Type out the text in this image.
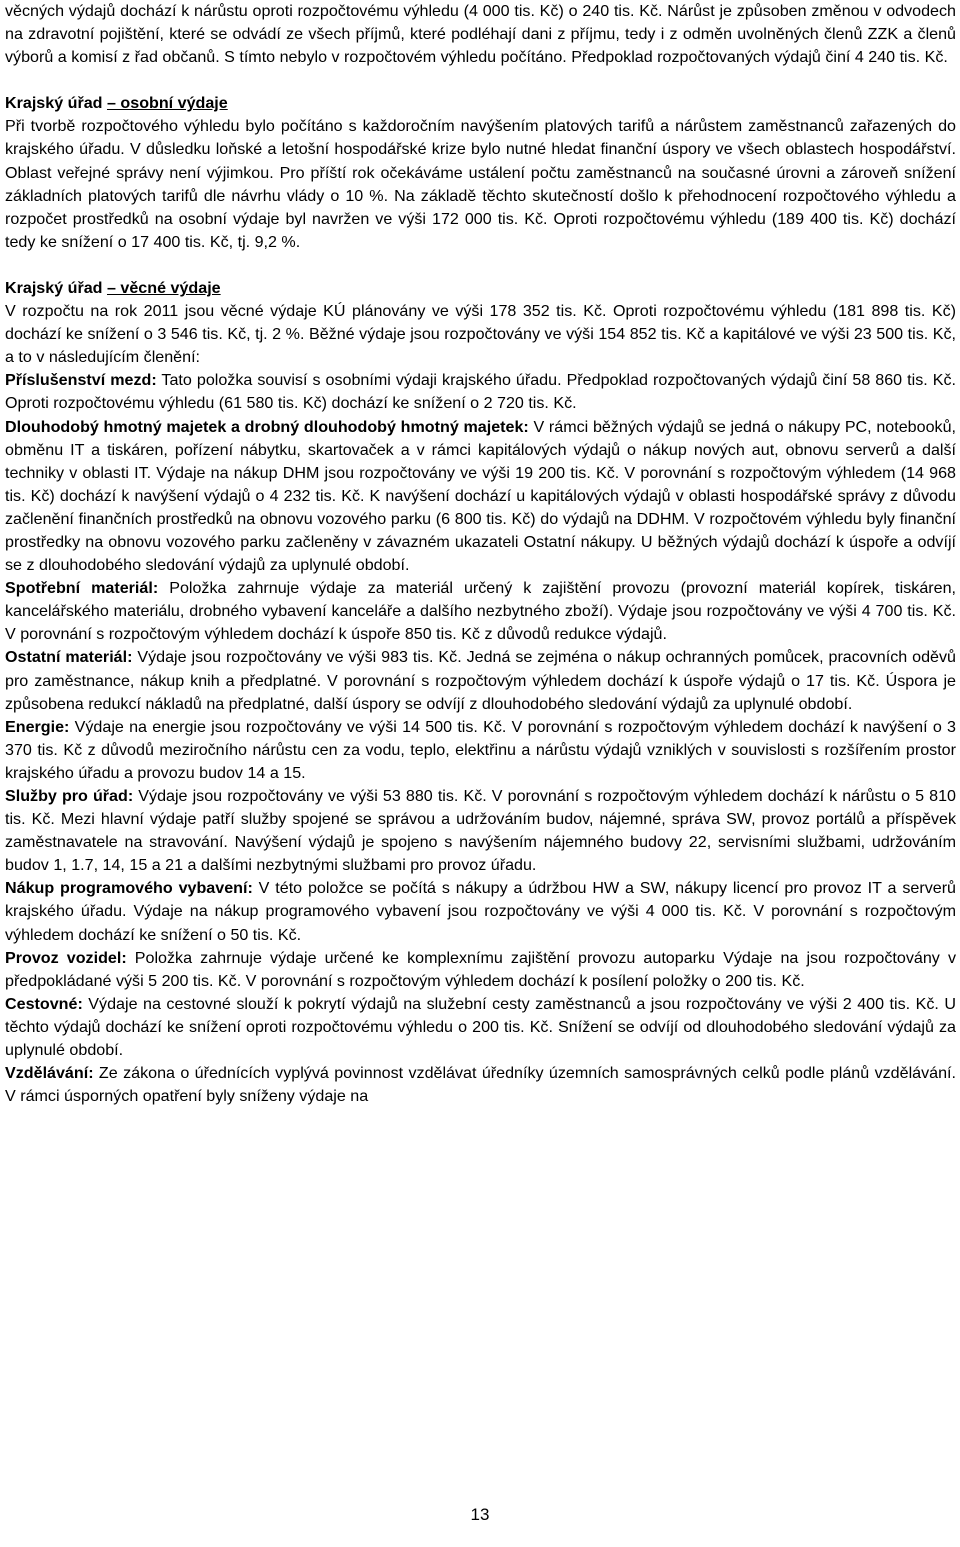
věcných výdajů dochází k nárůstu oproti rozpočtovému výhledu (4 000 tis. Kč) o 240 tis. Kč. Nárůst je způsoben změnou v odvodech na zdravotní pojištění, které se odvádí ze všech příjmů, které podléhají dani z příjmu, tedy i z odměn uvolněných členů ZZK a členů výborů a komisí z řad občanů. S tímto nebylo v rozpočtovém výhledu počítáno. Předpoklad rozpočtovaných výdajů činí 4 240 tis. Kč.

Krajský úřad – osobní výdaje

Při tvorbě rozpočtového výhledu bylo počítáno s každoročním navýšením platových tarifů a nárůstem zaměstnanců zařazených do krajského úřadu. V důsledku loňské a letošní hospodářské krize bylo nutné hledat finanční úspory ve všech oblastech hospodářství. Oblast veřejné správy není výjimkou. Pro příští rok očekáváme ustálení počtu zaměstnanců na současné úrovni a zároveň snížení základních platových tarifů dle návrhu vlády o 10 %. Na základě těchto skutečností došlo k přehodnocení rozpočtového výhledu a rozpočet prostředků na osobní výdaje byl navržen ve výši 172 000 tis. Kč. Oproti rozpočtovému výhledu (189 400 tis. Kč) dochází tedy ke snížení o 17 400 tis. Kč, tj. 9,2 %.

Krajský úřad – věcné výdaje

V rozpočtu na rok 2011 jsou věcné výdaje KÚ plánovány ve výši 178 352 tis. Kč. Oproti rozpočtovému výhledu (181 898 tis. Kč) dochází ke snížení o 3 546 tis. Kč, tj. 2 %. Běžné výdaje jsou rozpočtovány ve výši 154 852 tis. Kč a kapitálové ve výši 23 500 tis. Kč, a to v následujícím členění:

Příslušenství mezd: Tato položka souvisí s osobními výdaji krajského úřadu. Předpoklad rozpočtovaných výdajů činí 58 860 tis. Kč. Oproti rozpočtovému výhledu (61 580 tis. Kč) dochází ke snížení o 2 720 tis. Kč.

Dlouhodobý hmotný majetek a drobný dlouhodobý hmotný majetek: V rámci běžných výdajů se jedná o nákupy PC, notebooků, obměnu IT a tiskáren, pořízení nábytku, skartovaček a v rámci kapitálových výdajů o nákup nových aut, obnovu serverů a další techniky v oblasti IT. Výdaje na nákup DHM jsou rozpočtovány ve výši 19 200 tis. Kč. V porovnání s rozpočtovým výhledem (14 968 tis. Kč) dochází k navýšení výdajů o 4 232 tis. Kč. K navýšení dochází u kapitálových výdajů v oblasti hospodářské správy z důvodu začlenění finančních prostředků na obnovu vozového parku (6 800 tis. Kč) do výdajů na DDHM. V rozpočtovém výhledu byly finanční prostředky na obnovu vozového parku začleněny v závazném ukazateli Ostatní nákupy. U běžných výdajů dochází k úspoře a odvíjí se z dlouhodobého sledování výdajů za uplynulé období.

Spotřební materiál: Položka zahrnuje výdaje za materiál určený k zajištění provozu (provozní materiál kopírek, tiskáren, kancelářského materiálu, drobného vybavení kanceláře a dalšího nezbytného zboží). Výdaje jsou rozpočtovány ve výši 4 700 tis. Kč. V porovnání s rozpočtovým výhledem dochází k úspoře 850 tis. Kč z důvodů redukce výdajů.

Ostatní materiál: Výdaje jsou rozpočtovány ve výši 983 tis. Kč. Jedná se zejména o nákup ochranných pomůcek, pracovních oděvů pro zaměstnance, nákup knih a předplatné. V porovnání s rozpočtovým výhledem dochází k úspoře výdajů o 17 tis. Kč. Úspora je způsobena redukcí nákladů na předplatné, další úspory se odvíjí z dlouhodobého sledování výdajů za uplynulé období.

Energie: Výdaje na energie jsou rozpočtovány ve výši 14 500 tis. Kč. V porovnání s rozpočtovým výhledem dochází k navýšení o 3 370 tis. Kč z důvodů meziročního nárůstu cen za vodu, teplo, elektřinu a nárůstu výdajů vzniklých v souvislosti s rozšířením prostor krajského úřadu a provozu budov 14 a 15.

Služby pro úřad: Výdaje jsou rozpočtovány ve výši 53 880 tis. Kč. V porovnání s rozpočtovým výhledem dochází k nárůstu o 5 810 tis. Kč. Mezi hlavní výdaje patří služby spojené se správou a udržováním budov, nájemné, správa SW, provoz portálů a příspěvek zaměstnavatele na stravování. Navýšení výdajů je spojeno s navýšením nájemného budovy 22, servisními službami, udržováním budov 1, 1.7, 14, 15 a 21 a dalšími nezbytnými službami pro provoz úřadu.

Nákup programového vybavení: V této položce se počítá s nákupy a údržbou HW a SW, nákupy licencí pro provoz IT a serverů krajského úřadu. Výdaje na nákup programového vybavení jsou rozpočtovány ve výši 4 000 tis. Kč. V porovnání s rozpočtovým výhledem dochází ke snížení o 50 tis. Kč.

Provoz vozidel: Položka zahrnuje výdaje určené ke komplexnímu zajištění provozu autoparku Výdaje na jsou rozpočtovány v předpokládané výši 5 200 tis. Kč. V porovnání s rozpočtovým výhledem dochází k posílení položky o 200 tis. Kč.

Cestovné: Výdaje na cestovné slouží k pokrytí výdajů na služební cesty zaměstnanců a jsou rozpočtovány ve výši 2 400 tis. Kč. U těchto výdajů dochází ke snížení oproti rozpočtovému výhledu o 200 tis. Kč. Snížení se odvíjí od dlouhodobého sledování výdajů za uplynulé období.

Vzdělávání: Ze zákona o úřednících vyplývá povinnost vzdělávat úředníky územních samosprávných celků podle plánů vzdělávání. V rámci úsporných opatření byly sníženy výdaje na

13
